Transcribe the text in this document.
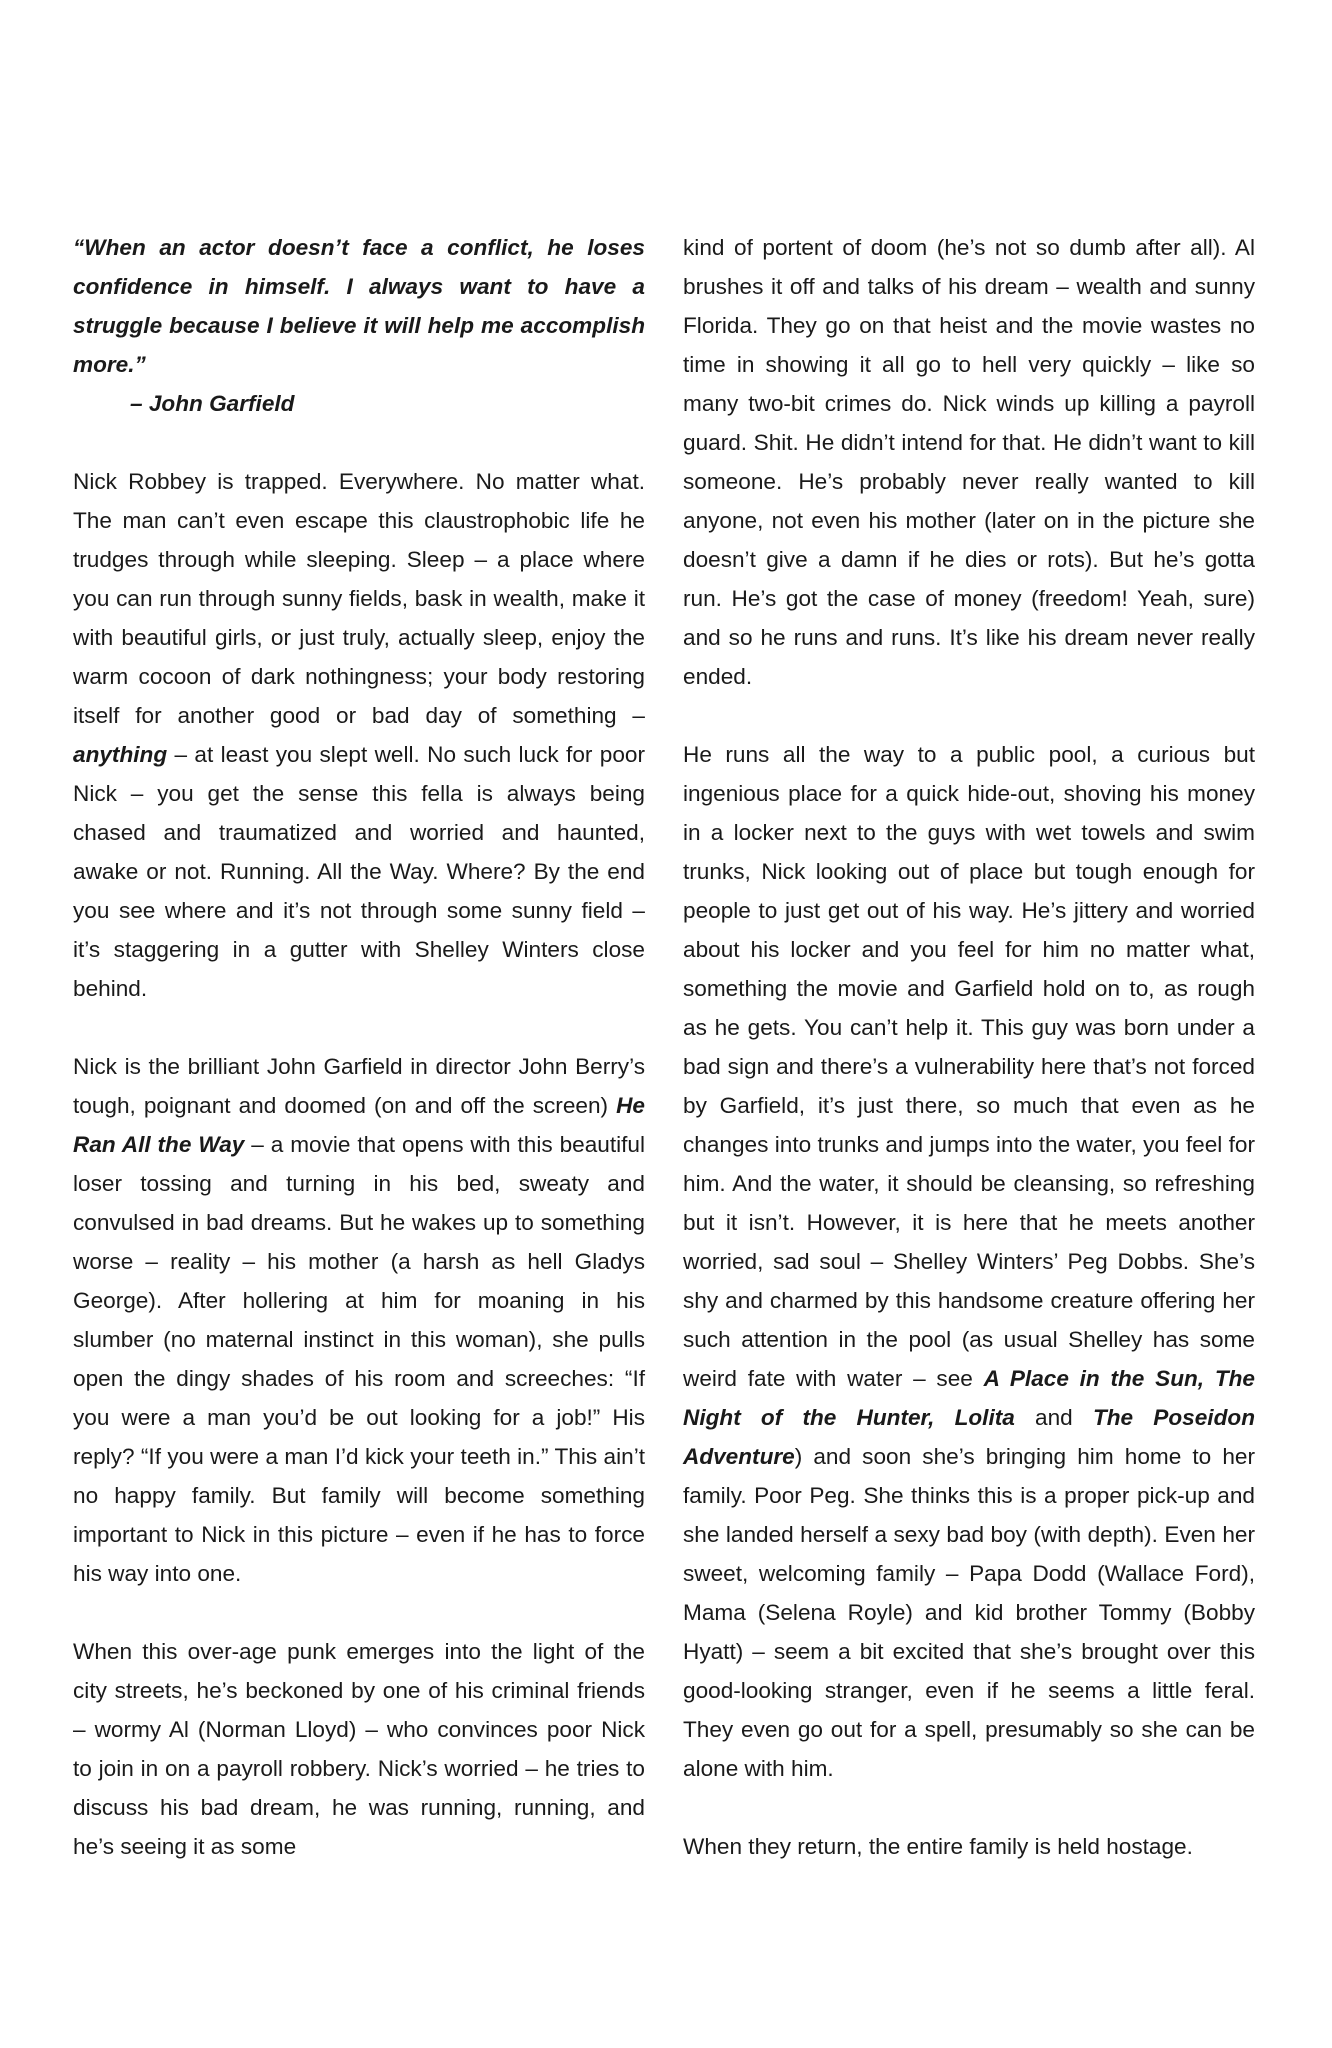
“When an actor doesn’t face a conflict, he loses confidence in himself. I always want to have a struggle because I believe it will help me accomplish more.”

– John Garfield

Nick Robbey is trapped. Everywhere. No matter what. The man can’t even escape this claustrophobic life he trudges through while sleeping. Sleep – a place where you can run through sunny fields, bask in wealth, make it with beautiful girls, or just truly, actually sleep, enjoy the warm cocoon of dark nothingness; your body restoring itself for another good or bad day of something – anything – at least you slept well. No such luck for poor Nick – you get the sense this fella is always being chased and traumatized and worried and haunted, awake or not. Running. All the Way. Where? By the end you see where and it’s not through some sunny field – it’s staggering in a gutter with Shelley Winters close behind.

Nick is the brilliant John Garfield in director John Berry’s tough, poignant and doomed (on and off the screen) He Ran All the Way – a movie that opens with this beautiful loser tossing and turning in his bed, sweaty and convulsed in bad dreams. But he wakes up to something worse – reality – his mother (a harsh as hell Gladys George). After hollering at him for moaning in his slumber (no maternal instinct in this woman), she pulls open the dingy shades of his room and screeches: “If you were a man you’d be out looking for a job!” His reply? “If you were a man I’d kick your teeth in.” This ain’t no happy family. But family will become something important to Nick in this picture – even if he has to force his way into one.

When this over-age punk emerges into the light of the city streets, he’s beckoned by one of his criminal friends – wormy Al (Norman Lloyd) – who convinces poor Nick to join in on a payroll robbery. Nick’s worried – he tries to discuss his bad dream, he was running, running, and he’s seeing it as some

kind of portent of doom (he’s not so dumb after all). Al brushes it off and talks of his dream – wealth and sunny Florida. They go on that heist and the movie wastes no time in showing it all go to hell very quickly – like so many two-bit crimes do. Nick winds up killing a payroll guard. Shit. He didn’t intend for that. He didn’t want to kill someone. He’s probably never really wanted to kill anyone, not even his mother (later on in the picture she doesn’t give a damn if he dies or rots). But he’s gotta run. He’s got the case of money (freedom! Yeah, sure) and so he runs and runs. It’s like his dream never really ended.

He runs all the way to a public pool, a curious but ingenious place for a quick hide-out, shoving his money in a locker next to the guys with wet towels and swim trunks, Nick looking out of place but tough enough for people to just get out of his way. He’s jittery and worried about his locker and you feel for him no matter what, something the movie and Garfield hold on to, as rough as he gets. You can’t help it. This guy was born under a bad sign and there’s a vulnerability here that’s not forced by Garfield, it’s just there, so much that even as he changes into trunks and jumps into the water, you feel for him. And the water, it should be cleansing, so refreshing but it isn’t. However, it is here that he meets another worried, sad soul – Shelley Winters’ Peg Dobbs. She’s shy and charmed by this handsome creature offering her such attention in the pool (as usual Shelley has some weird fate with water – see A Place in the Sun, The Night of the Hunter, Lolita and The Poseidon Adventure) and soon she’s bringing him home to her family. Poor Peg. She thinks this is a proper pick-up and she landed herself a sexy bad boy (with depth). Even her sweet, welcoming family – Papa Dodd (Wallace Ford), Mama (Selena Royle) and kid brother Tommy (Bobby Hyatt) – seem a bit excited that she’s brought over this good-looking stranger, even if he seems a little feral. They even go out for a spell, presumably so she can be alone with him.

When they return, the entire family is held hostage.
